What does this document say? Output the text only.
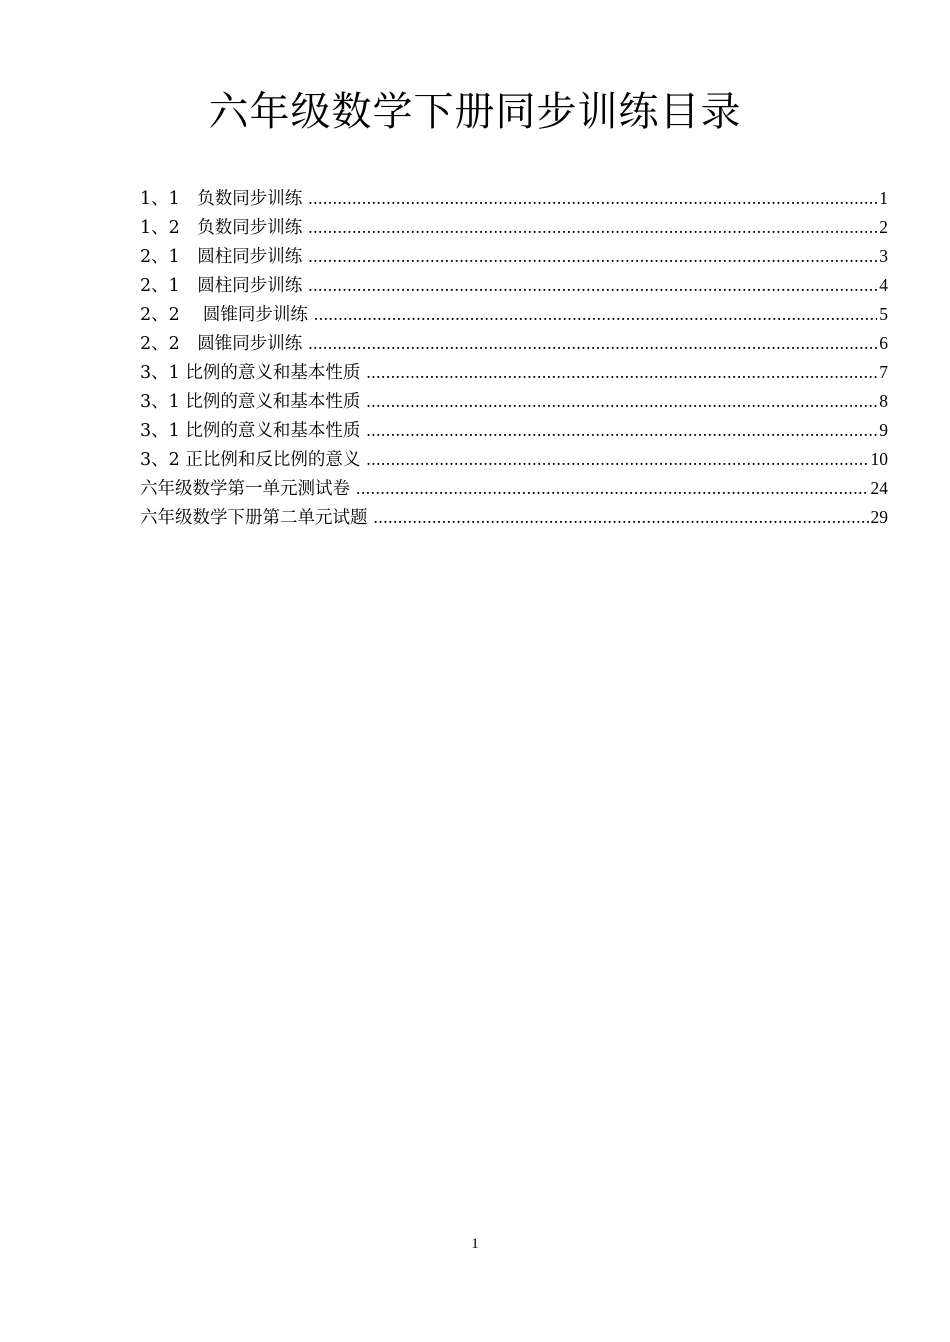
六年级数学下册同步训练目录
1、1　负数同步训练 .....	1
1、2　负数同步训练 .....	2
2、1　圆柱同步训练 .....	3
2、1　圆柱同步训练 .....	4
2、2　 圆锥同步训练 .....	5
2、2　圆锥同步训练 .....	6
3、1 比例的意义和基本性质 .....	7
3、1 比例的意义和基本性质 .....	8
3、1 比例的意义和基本性质 .....	9
3、2 正比例和反比例的意义 .....	10
六年级数学第一单元测试卷 .....	24
六年级数学下册第二单元试题 .....	29
1
